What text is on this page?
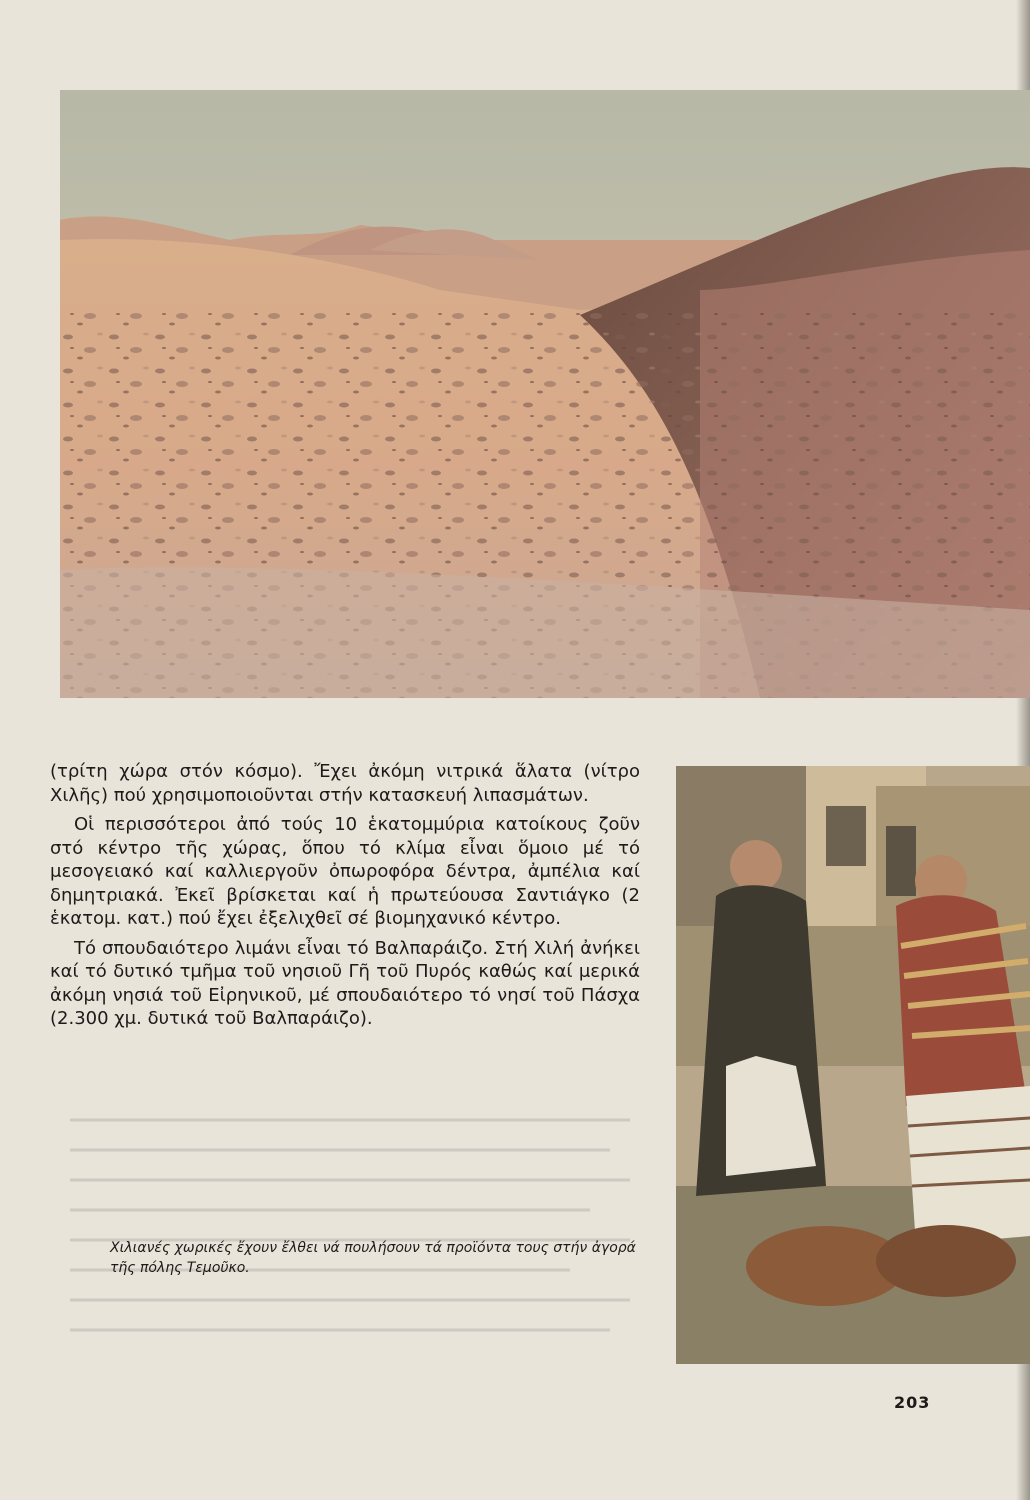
(τρίτη χώρα στόν κόσμο). Ἔχει ἀκόμη νιτρικά ἅλατα (νίτρο Χιλῆς) πού χρησιμοποιοῦνται στήν κατασκευή λιπασμάτων.

Οἱ περισσότεροι ἀπό τούς 10 ἑκατομμύρια κατοίκους ζοῦν στό κέντρο τῆς χώρας, ὅπου τό κλίμα εἶναι ὅμοιο μέ τό μεσογειακό καί καλλιεργοῦν ὀπωροφόρα δέντρα, ἀμπέλια καί δημητριακά. Ἐκεῖ βρίσκεται καί ἡ πρωτεύουσα Σαντιάγκο (2 ἑκατομ. κατ.) πού ἔχει ἐξελιχθεῖ σέ βιομηχανικό κέντρο.

Τό σπουδαιότερο λιμάνι εἶναι τό Βαλπαράιζο. Στή Χιλή ἀνήκει καί τό δυτικό τμῆμα τοῦ νησιοῦ Γῆ τοῦ Πυρός καθώς καί μερικά ἀκόμη νησιά τοῦ Εἰρηνικοῦ, μέ σπουδαιότερο τό νησί τοῦ Πάσχα (2.300 χμ. δυτικά τοῦ Βαλπαράιζο).

Χιλιανές χωρικές ἔχουν ἔλθει νά πουλήσουν τά προϊόντα τους στήν ἀγορά τῆς πόλης Τεμοῦκο.
203
